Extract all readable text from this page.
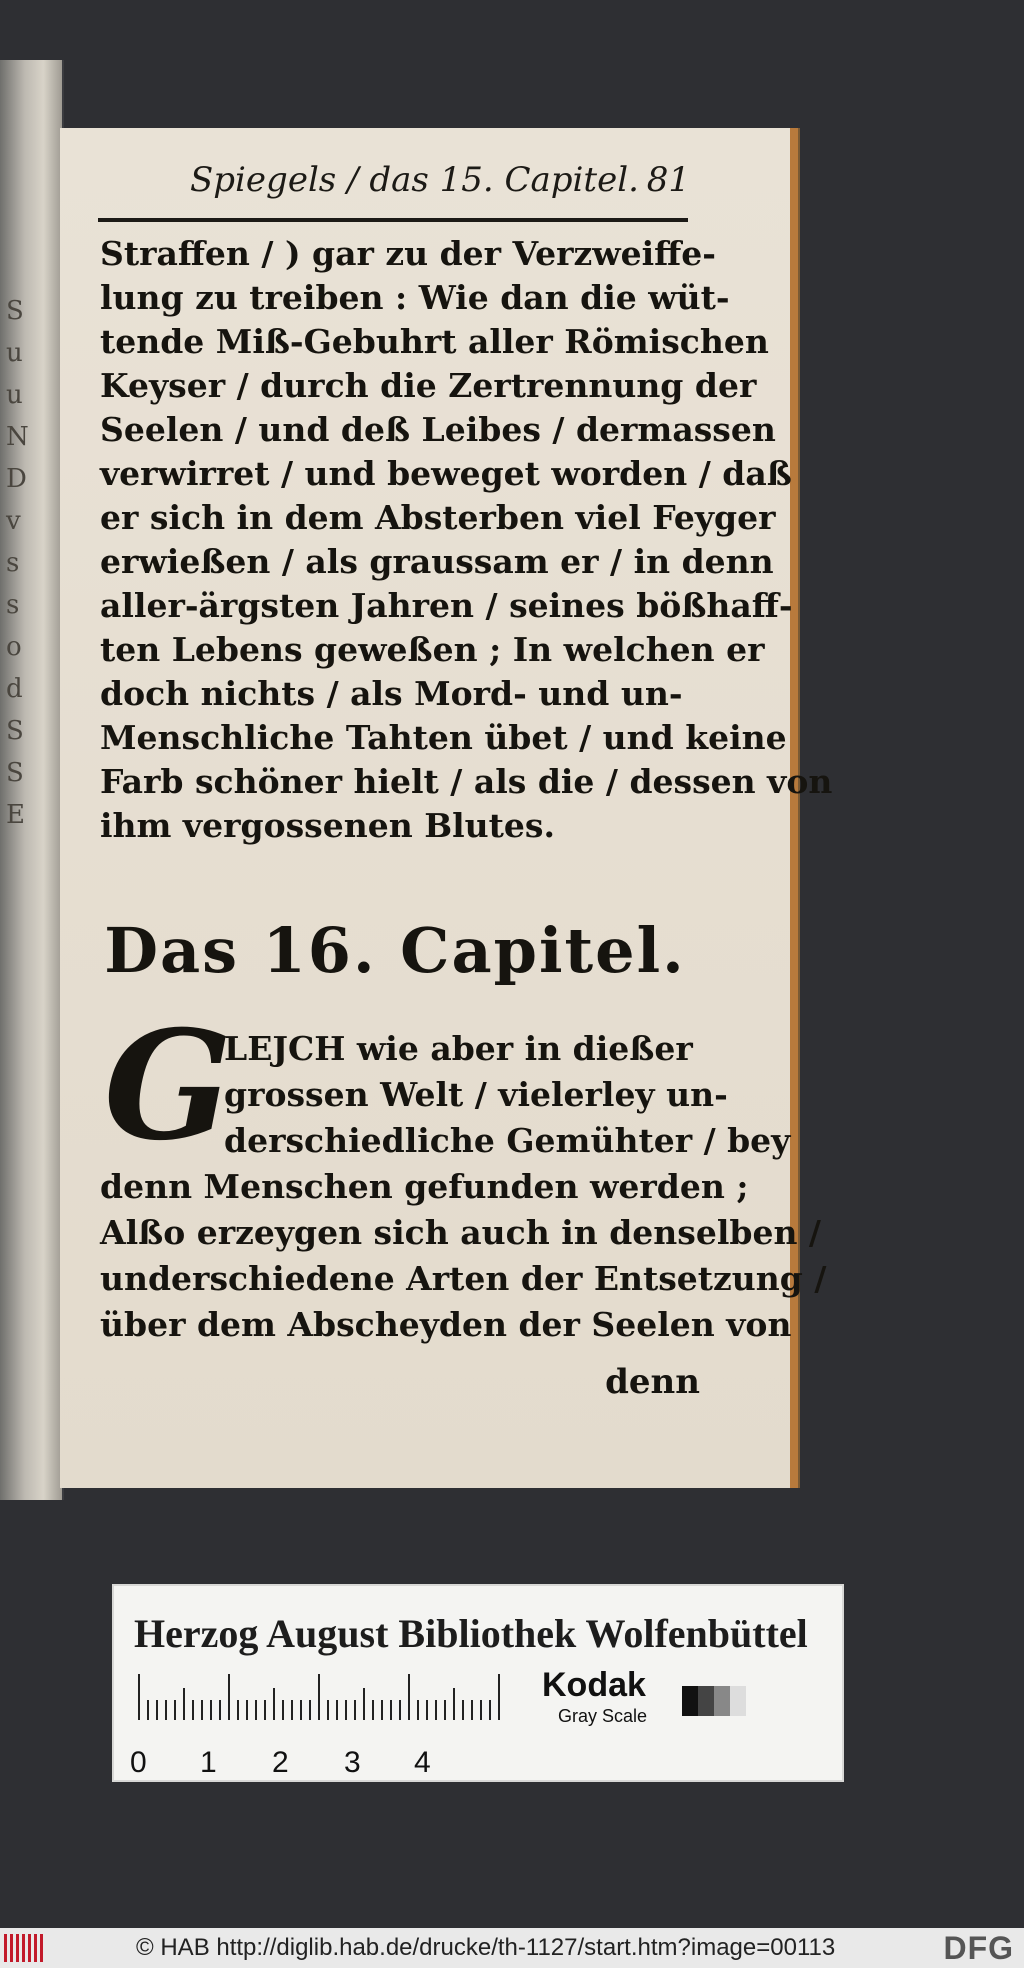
S
u
u
N
D
v
s
s
o
d
S
S
E
Spiegels / das 15. Capitel. 81
Straffen / ) gar zu der Verzweiffe-
lung zu treiben : Wie dan die wüt-
tende Miß-Gebuhrt aller Römischen
Keyser / durch die Zertrennung der
Seelen / und deß Leibes / dermassen
verwirret / und beweget worden / daß
er sich in dem Absterben viel Feyger
erwießen / als graussam er / in denn
aller-ärgsten Jahren / seines bößhaff-
ten Lebens geweßen ; In welchen er
doch nichts / als Mord- und un-
Menschliche Tahten übet / und keine
Farb schöner hielt / als die / dessen von
ihm vergossenen Blutes.
Das 16. Capitel.
G
LEJCH wie aber in dießer
grossen Welt / vielerley un-
derschiedliche Gemühter / bey
denn Menschen gefunden werden ;
Alßo erzeygen sich auch in denselben /
underschiedene Arten der Entsetzung /
über dem Abscheyden der Seelen von
denn
Herzog August Bibliothek Wolfenbüttel
0 1 2 3 4
Kodak
Gray Scale
© HAB http://diglib.hab.de/drucke/th-1127/start.htm?image=00113	DFG
